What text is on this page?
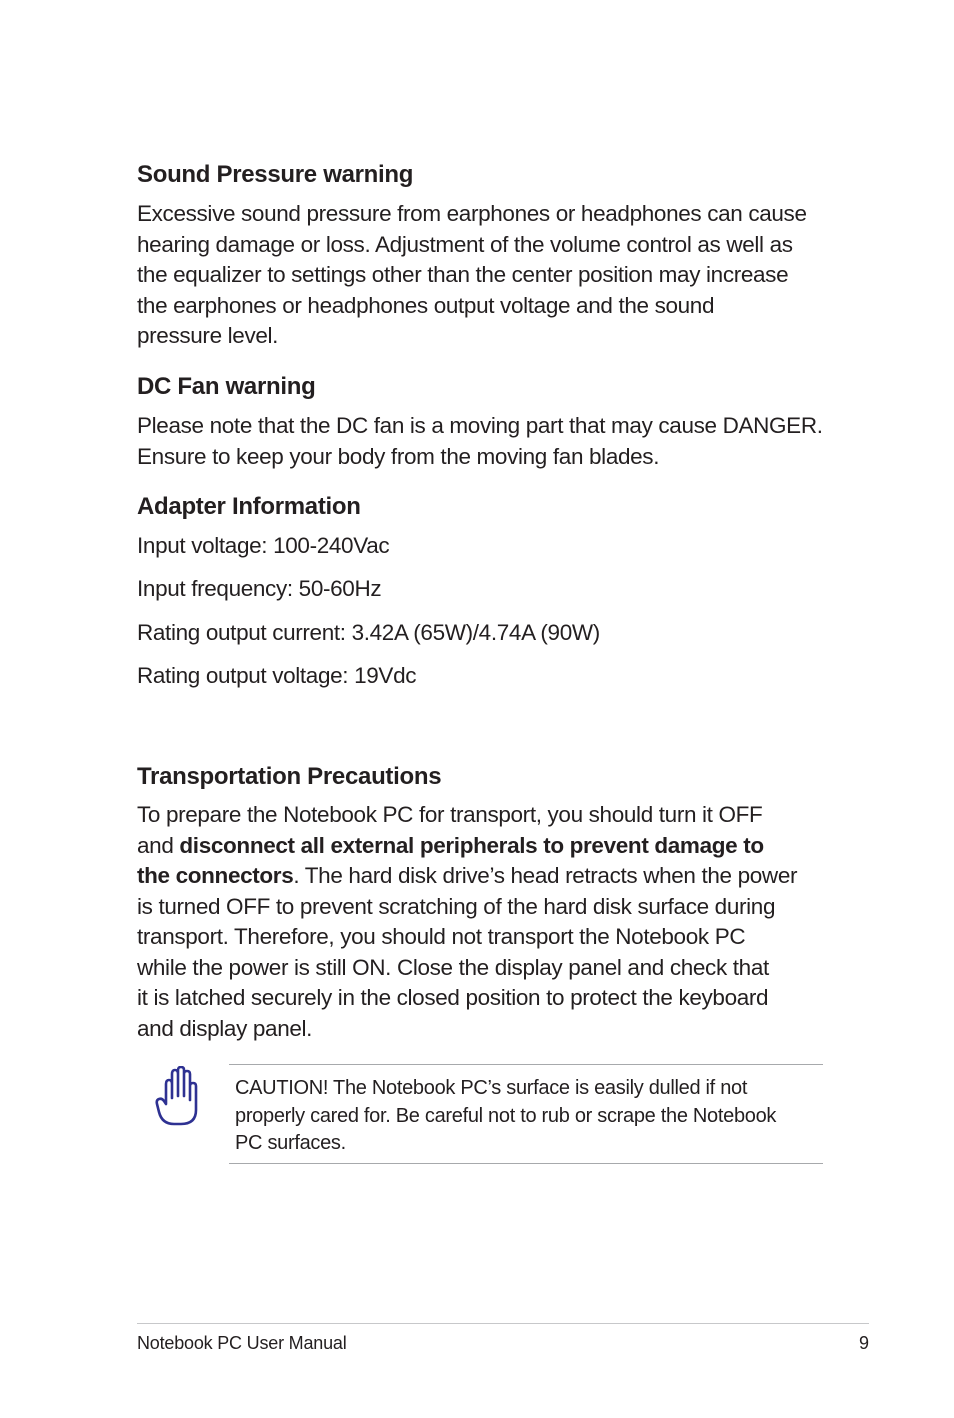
Sound Pressure warning
Excessive sound pressure from earphones or headphones can cause
hearing damage or loss. Adjustment of the volume control as well as
the equalizer to settings other than the center position may increase
the earphones or headphones output voltage and the sound
pressure level.
DC Fan warning
Please note that the DC fan is a moving part that may cause DANGER.
Ensure to keep your body from the moving fan blades.
Adapter Information

Input voltage: 100-240Vac

Input frequency: 50-60Hz

Rating output current: 3.42A (65W)/4.74A (90W)

Rating output voltage: 19Vdc

Transportation Precautions
To prepare the Notebook PC for transport, you should turn it OFF
and disconnect all external peripherals to prevent damage to
the connectors. The hard disk drive’s head retracts when the power
is turned OFF to prevent scratching of the hard disk surface during
transport. Therefore, you should not transport the Notebook PC
while the power is still ON. Close the display panel and check that
it is latched securely in the closed position to protect the keyboard
and display panel.
CAUTION! The Notebook PC’s surface is easily dulled if not
properly cared for. Be careful not to rub or scrape the Notebook
PC surfaces.
Notebook PC User Manual	9
